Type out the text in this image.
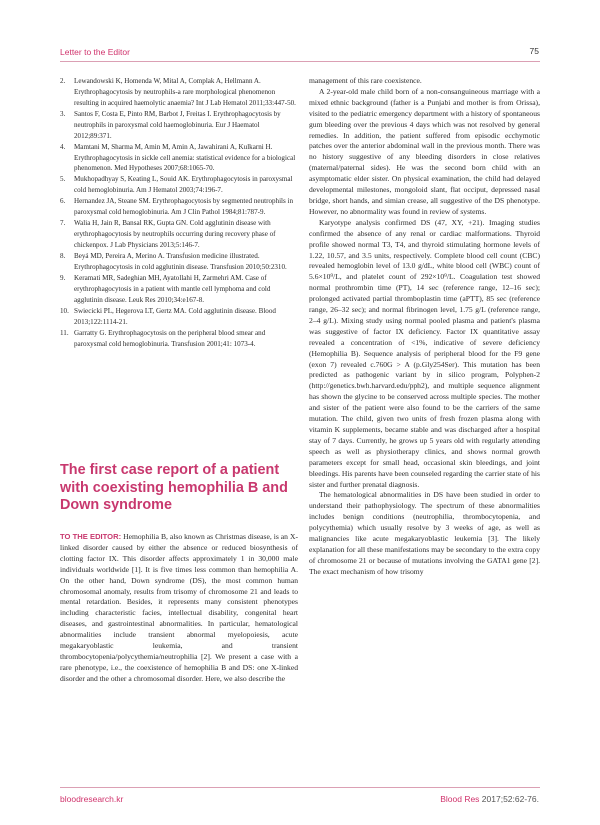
Letter to the Editor	75
2.	Lewandowski K, Homenda W, Mital A, Complak A, Hellmann A. Erythrophagocytosis by neutrophils-a rare morphological phenomenon resulting in acquired haemolytic anaemia? Int J Lab Hematol 2011;33:447-50.
3.	Santos F, Costa E, Pinto RM, Barbot J, Freitas I. Erythrophagocytosis by neutrophils in paroxysmal cold haemoglobinuria. Eur J Haematol 2012;89:371.
4.	Mamtani M, Sharma M, Amin M, Amin A, Jawahirani A, Kulkarni H. Erythrophagocytosis in sickle cell anemia: statistical evidence for a biological phenomenon. Med Hypotheses 2007;68:1065-70.
5.	Mukhopadhyay S, Keating L, Souid AK. Erythrophagocytosis in paroxysmal cold hemoglobinuria. Am J Hematol 2003;74:196-7.
6.	Hernandez JA, Steane SM. Erythrophagocytosis by segmented neutrophils in paroxysmal cold hemoglobinuria. Am J Clin Pathol 1984;81:787-9.
7.	Walia H, Jain R, Bansal RK, Gupta GN. Cold agglutinin disease with erythrophagocytosis by neutrophils occurring during recovery phase of chickenpox. J Lab Physicians 2013;5:146-7.
8.	Beyá MD, Pereira A, Merino A. Transfusion medicine illustrated. Erythrophagocytosis in cold agglutinin disease. Transfusion 2010;50:2310.
9.	Keramati MR, Sadeghian MH, Ayatollahi H, Zarmehri AM. Case of erythrophagocytosis in a patient with mantle cell lymphoma and cold agglutinin disease. Leuk Res 2010;34:e167-8.
10. Swiecicki PL, Hegerova LT, Gertz MA. Cold agglutinin disease. Blood 2013;122:1114-21.
11. Garratty G. Erythrophagocytosis on the peripheral blood smear and paroxysmal cold hemoglobinuria. Transfusion 2001;41: 1073-4.
The first case report of a patient with coexisting hemophilia B and Down syndrome

TO THE EDITOR: Hemophilia B, also known as Christmas disease, is an X-linked disorder caused by either the absence or reduced biosynthesis of clotting factor IX. This disorder affects approximately 1 in 30,000 male individuals worldwide [1]. It is five times less common than hemophilia A. On the other hand, Down syndrome (DS), the most common human chromosomal anomaly, results from trisomy of chromosome 21 and leads to mental retardation. Besides, it represents many consistent phenotypes including characteristic facies, intellectual disability, congenital heart diseases, and gastrointestinal abnormalities. In particular, hematological abnormalities include transient abnormal myelopoiesis, acute megakaryoblastic leukemia, and transient thrombocytopenia/polycythemia/neutrophilia [2]. We present a case with a rare phenotype, i.e., the coexistence of hemophilia B and DS: one X-linked disorder and the other a chromosomal disorder. Here, we also describe the

management of this rare coexistence.

A 2-year-old male child born of a non-consanguineous marriage with a mixed ethnic background (father is a Punjabi and mother is from Orissa), visited to the pediatric emergency department with a history of spontaneous gum bleeding over the previous 4 days which was not resolved by general remedies. In addition, the patient suffered from episodic ecchymotic patches over the anterior abdominal wall in the previous month. There was no history suggestive of any bleeding disorders in close relatives (maternal/paternal sides). He was the second born child with an asymptomatic elder sister. On physical examination, the child had delayed developmental milestones, mongoloid slant, flat occiput, depressed nasal bridge, short hands, and simian crease, all suggestive of the DS phenotype. However, no abnormality was found in review of systems.

Karyotype analysis confirmed DS (47, XY, +21). Imaging studies confirmed the absence of any renal or cardiac malformations. Thyroid profile showed normal T3, T4, and thyroid stimulating hormone levels of 1.22, 10.57, and 3.5 units, respectively. Complete blood cell count (CBC) revealed hemoglobin level of 13.0 g/dL, white blood cell (WBC) count of 5.6×10⁹/L, and platelet count of 292×10⁹/L. Coagulation test showed normal prothrombin time (PT), 14 sec (reference range, 12–16 sec); prolonged activated partial thromboplastin time (aPTT), 85 sec (reference range, 26–32 sec); and normal fibrinogen level, 1.75 g/L (reference range, 2–4 g/L). Mixing study using normal pooled plasma and patient's plasma was suggestive of factor IX deficiency. Factor IX quantitative assay revealed a concentration of <1%, indicative of severe deficiency (Hemophilia B). Sequence analysis of peripheral blood for the F9 gene (exon 7) revealed c.760G > A (p.Gly254Ser). This mutation has been predicted as pathogenic variant by in silico program, Polyphen-2 (http://genetics.bwh.harvard.edu/pph2), and multiple sequence alignment has shown the glycine to be conserved across multiple species. The mother and sister of the patient were also found to be the carriers of the same mutation. The child, given two units of fresh frozen plasma along with vitamin K supplements, became stable and was discharged after a hospital stay of 7 days. Currently, he grows up 5 years old with regularly attending speech as well as physiotherapy clinics, and shows normal growth parameters except for small head, occasional skin bleedings, and joint bleedings. His parents have been counseled regarding the carrier state of his sister and further prenatal diagnosis.

The hematological abnormalities in DS have been studied in order to understand their pathophysiology. The spectrum of these abnormalities includes benign conditions (neutrophilia, thrombocytopenia, and polycythemia) which usually resolve by 3 weeks of age, as well as malignancies like acute megakaryoblastic leukemia [3]. The likely explanation for all these manifestations may be secondary to the extra copy of chromosome 21 or because of mutations involving the GATA1 gene [2]. The exact mechanism of how trisomy

bloodresearch.kr	Blood Res 2017;52:62-76.
